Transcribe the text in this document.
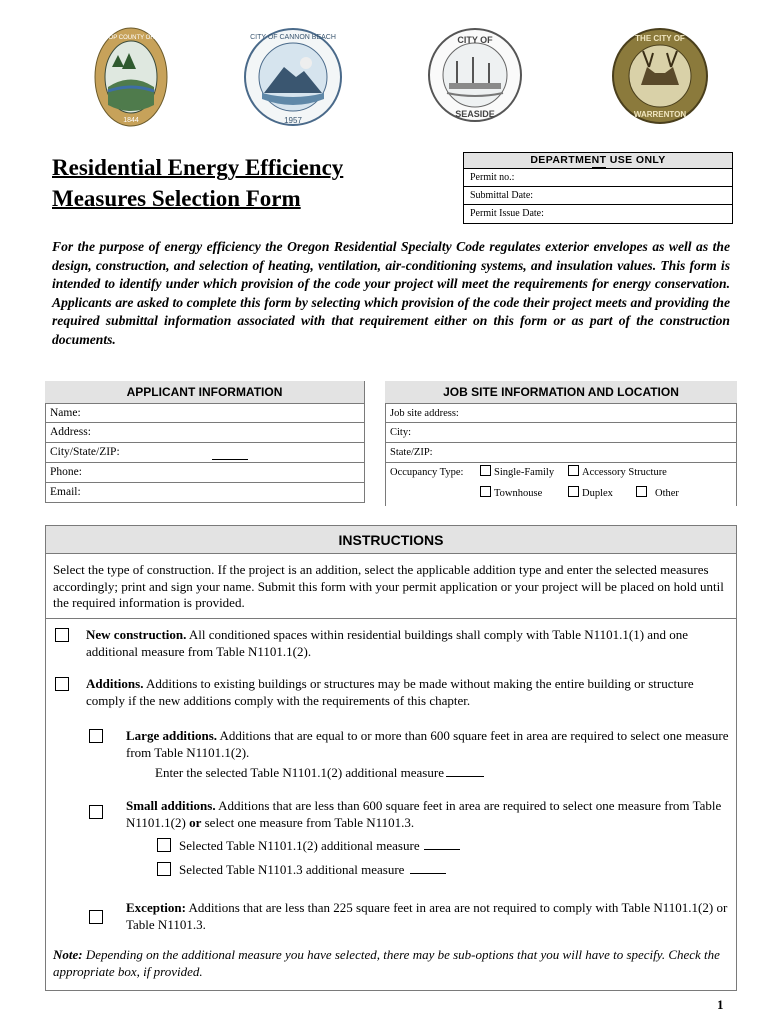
CLATSOP COUNTY OREGON
1844
CITY OF CANNON BEACH
1957
CITY OF
SEASIDE
THE CITY OF
WARRENTON
Residential Energy Efficiency
Measures Selection Form
DEPARTMENT USE ONLY
Permit no.:
Submittal Date:
Permit Issue Date:
For the purpose of energy efficiency the Oregon Residential Specialty Code regulates exterior envelopes as well as the design, construction, and selection of heating, ventilation, air-conditioning systems, and insulation values. This form is intended to identify under which provision of the code your project will meet the requirements for energy conservation. Applicants are asked to complete this form by selecting which provision of the code their project meets and providing the required submittal information associated with that requirement either on this form or as part of the construction documents.
APPLICANT INFORMATION
Name:
Address:
City/State/ZIP:
Phone:
Email:
JOB SITE INFORMATION AND LOCATION
Job site address:
City:
State/ZIP:
Occupancy Type:	Single-Family	Accessory Structure
Townhouse	Duplex	Other
INSTRUCTIONS
Select the type of construction. If the project is an addition, select the applicable addition type and enter the selected measures accordingly; print and sign your name. Submit this form with your permit application or your project will be placed on hold until the required information is provided.
New construction. All conditioned spaces within residential buildings shall comply with Table N1101.1(1) and one additional measure from Table N1101.1(2).
Additions. Additions to existing buildings or structures may be made without making the entire building or structure comply if the new additions comply with the requirements of this chapter.
Large additions. Additions that are equal to or more than 600 square feet in area are required to select one measure from Table N1101.1(2).
Enter the selected Table N1101.1(2) additional measure
Small additions. Additions that are less than 600 square feet in area are required to select one measure from Table N1101.1(2) or select one measure from Table N1101.3.
Selected Table N1101.1(2) additional measure
Selected Table N1101.3 additional measure
Exception: Additions that are less than 225 square feet in area are not required to comply with Table N1101.1(2) or Table N1101.3.
Note: Depending on the additional measure you have selected, there may be sub-options that you will have to specify. Check the appropriate box, if provided.
1
